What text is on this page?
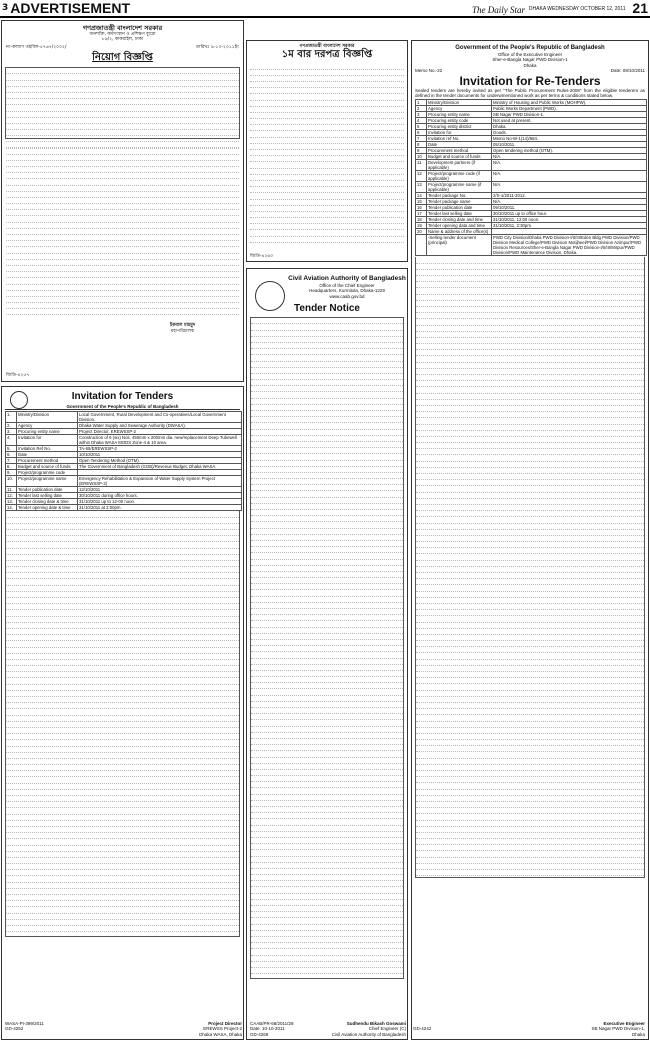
3 ADVERTISEMENT	The Daily Star DHAKA WEDNESDAY OCTOBER 12, 2011 21
গণপ্রজাতন্ত্রী বাংলাদেশ সরকার
জনশক্তি, কর্মসংস্থান ও প্রশিক্ষণ ব্যুরো
৮৯/২, কাকরাইল, ঢাকা
নং-কল্যাণ তহবিল-৫৭৬৭/২০০২/	তারিখঃ ৯-১০-২০১১ইং
নিয়োগ বিজ্ঞপ্তি
ইকবাল মাহমুদ
মহাপরিচালক
জিডি-৪২৫৭
গণপ্রজাতন্ত্রী বাংলাদেশ সরকার
১ম বার দরপত্র বিজ্ঞপ্তি
জিডি-৪২৬০
Civil Aviation Authority of Bangladesh
Office of the Chief Engineer
Headquarters, Kurmitola, Dhaka-1229
www.caab.gov.bd
Tender Notice
CAAB/PR-68/2011/28	Sudhendu Bikash Goswami
Date: 10-10-2011	Chief Engineer (C)
GD-4268	Civil Aviation Authority of Bangladesh
Invitation for Tenders
Government of the People's Republic of Bangladesh
1.	Ministry/Division	Local Government, Rural Development and Co-operatives/Local Government Division.
2.	Agency	Dhaka Water Supply and Sewerage Authority (DWASA).
3.	Procuring entity name	Project Director, EREWSSP-2
4.	Invitation for	Construction of 6 (six) Nos. 450mm x 200mm dia. new/replacement Deep Tubewell within Dhaka WASA MODS Zone-4 & 10 area.
5.	Invitation Ref No.	TA-65/EREWSSP-2
6.	Date	10/10/2011
7.	Procurement method	Open Tendering Method (OTM).
8.	Budget and source of funds	The Government of Bangladesh (GOB)/Revenue Budget, Dhaka WASA.
9.	Project/programme code	
10.	Project/programme name	Emergency Rehabilitation & Expansion of Water Supply System Project (EREWSSP-2)
11.	Tender publication date	12/10/2011
12.	Tender last selling date	30/10/2011 during office hours.
13.	Tender closing date & time	31/10/2011 up to 12-00 noon.
14.	Tender opening date & time	31/10/2011 at 2:00pm.
WASA-PI-399/2011	Project Director
GD-4252	EREWSS Project-2
Dhaka WASA, Dhaka
Government of the People's Republic of Bangladesh
Office of the Executive Engineer
Sher-e-Bangla Nagar PWD Division-1
Dhaka
Memo No.-22	Date: 09/10/2011
Invitation for Re-Tenders
Sealed tenders are hereby invited as per "The Public Procurement Rules-2008" from the eligible tenderers as defined in the tender documents for underwmentioned work as per terms & conditions stated below.
1	Ministry/Division	Ministry of Housing and Public Works (MOHPW).
2	Agency	Public Works Department (PWD).
3	Procuring entity name	SB Nagar PWD Division-1.
4	Procuring entity code	Not used at present.
5	Procuring entity district	Dhaka.
6	Invitation for	Goods.
7	Invitation ref No.	Memo No-W-1(14)/684.
8	Date	05/10/2011.
9	Procurement method	Open tendering method (OTM).
10	Budget and source of funds	N/A.
11	Development partners (if applicable)	N/A.
12	Project/programme code (if applicable)	N/A.
13	Project/programme name (if applicable)	N/A.
14	Tender package No.	2/S-1/2011-2012.
15	Tender package name	N/A.
16	Tender publication date	09/10/2011.
17	Tender last selling date	30/10/2011 up to office hour.
18	Tender closing date and time	31/10/2011, 12:00 noon.
19	Tender opening data and time	31/10/2011, 2:30pm.
20	Name & address of the office(s)	
	-Selling tender document (principal)	PWD City Division/Dhaka PWD Division-I/II/III/Eden Bldg PWD Division/PWD Division Medical College/PWD Division Motijheel/PWD Division Azimpur/PWD Division Resources/Sher-e-Bangla Nagar PWD Division-I/II/III/Mirpur/PWD Division/PWD Maintenance Division, Dhaka.
Executive Engineer
GD-4242	SB Nagar PWD Division-1,
Dhaka
